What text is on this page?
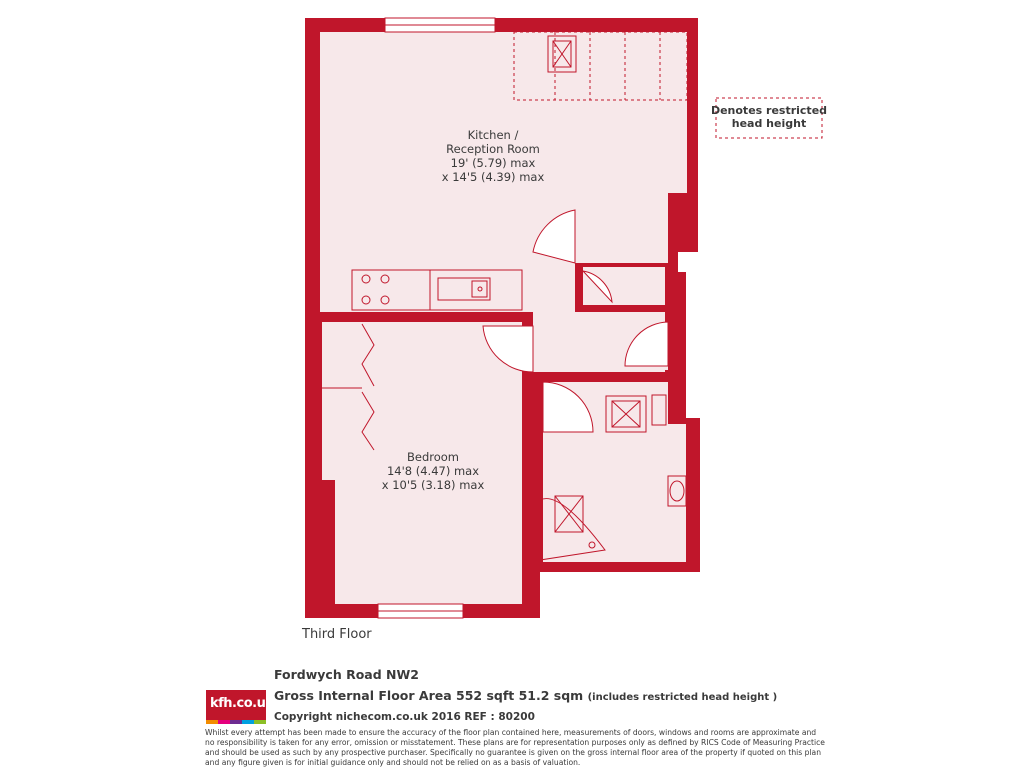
Kitchen /
Reception Room
19' (5.79) max
x 14'5 (4.39) max
Bedroom
14'8 (4.47) max
x 10'5 (3.18) max
Denotes restricted
head height
Third Floor
Fordwych Road NW2
Gross Internal Floor Area 552 sqft 51.2 sqm (includes restricted head height )
Copyright nichecom.co.uk 2016 REF : 80200
kfh.co.uk
Whilst every attempt has been made to ensure the accuracy of the floor plan contained here, measurements of doors, windows and rooms are approximate and no responsibility is taken for any error, omission or misstatement. These plans are for representation purposes only as defined by RICS Code of Measuring Practice and should be used as such by any prospective purchaser. Specifically no guarantee is given on the gross internal floor area of the property if quoted on this plan and any figure given is for initial guidance only and should not be relied on as a basis of valuation.
